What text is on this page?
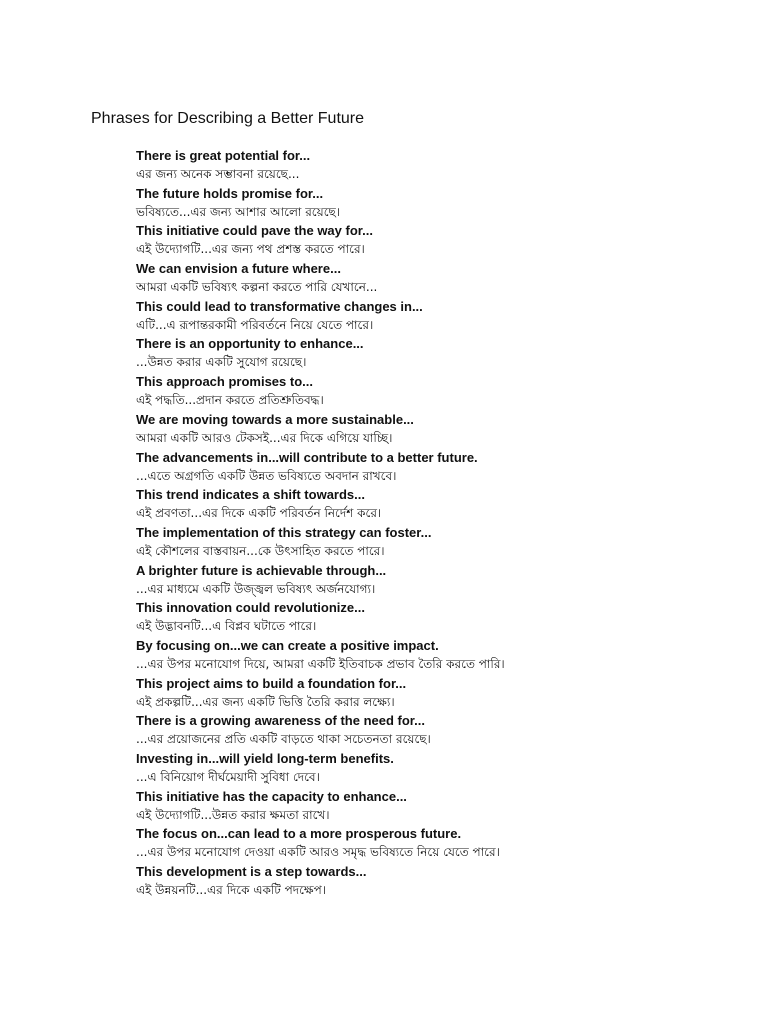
Phrases for Describing a Better Future
There is great potential for...
এর জন্য অনেক সম্ভাবনা রয়েছে...
The future holds promise for...
ভবিষ্যতে...এর জন্য আশার আলো রয়েছে।
This initiative could pave the way for...
এই উদ্যোগটি...এর জন্য পথ প্রশস্ত করতে পারে।
We can envision a future where...
আমরা একটি ভবিষ্যৎ কল্পনা করতে পারি যেখানে...
This could lead to transformative changes in...
এটি...এ রূপান্তরকামী পরিবর্তনে নিয়ে যেতে পারে।
There is an opportunity to enhance...
...উন্নত করার একটি সুযোগ রয়েছে।
This approach promises to...
এই পদ্ধতি...প্রদান করতে প্রতিশ্রুতিবদ্ধ।
We are moving towards a more sustainable...
আমরা একটি আরও টেকসই...এর দিকে এগিয়ে যাচ্ছি।
The advancements in...will contribute to a better future.
...এতে অগ্রগতি একটি উন্নত ভবিষ্যতে অবদান রাখবে।
This trend indicates a shift towards...
এই প্রবণতা...এর দিকে একটি পরিবর্তন নির্দেশ করে।
The implementation of this strategy can foster...
এই কৌশলের বাস্তবায়ন...কে উৎসাহিত করতে পারে।
A brighter future is achievable through...
...এর মাধ্যমে একটি উজ্জ্বল ভবিষ্যৎ অর্জনযোগ্য।
This innovation could revolutionize...
এই উদ্ভাবনটি...এ বিপ্লব ঘটাতে পারে।
By focusing on...we can create a positive impact.
...এর উপর মনোযোগ দিয়ে, আমরা একটি ইতিবাচক প্রভাব তৈরি করতে পারি।
This project aims to build a foundation for...
এই প্রকল্পটি...এর জন্য একটি ভিত্তি তৈরি করার লক্ষ্যে।
There is a growing awareness of the need for...
...এর প্রয়োজনের প্রতি একটি বাড়তে থাকা সচেতনতা রয়েছে।
Investing in...will yield long-term benefits.
...এ বিনিয়োগ দীর্ঘমেয়াদী সুবিধা দেবে।
This initiative has the capacity to enhance...
এই উদ্যোগটি...উন্নত করার ক্ষমতা রাখে।
The focus on...can lead to a more prosperous future.
...এর উপর মনোযোগ দেওয়া একটি আরও সমৃদ্ধ ভবিষ্যতে নিয়ে যেতে পারে।
This development is a step towards...
এই উন্নয়নটি...এর দিকে একটি পদক্ষেপ।
